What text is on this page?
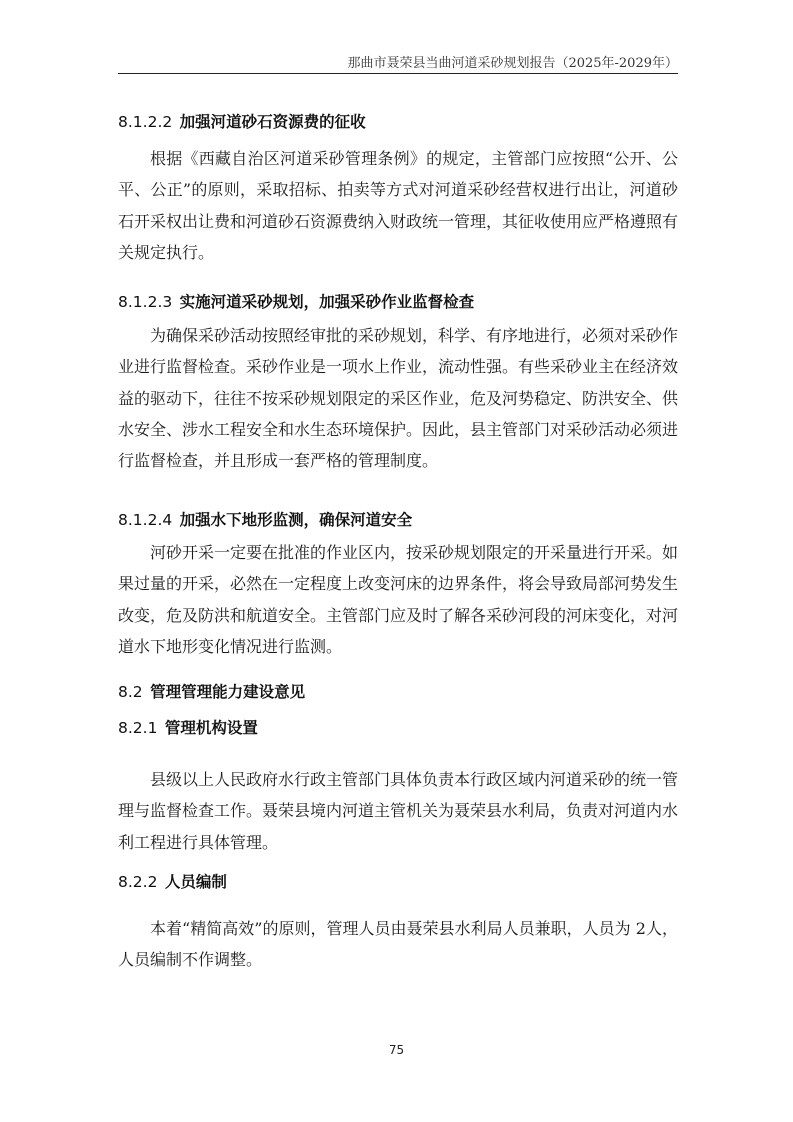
那曲市聂荣县当曲河道采砂规划报告（2025年-2029年）
8.1.2.2 加强河道砂石资源费的征收
根据《西藏自治区河道采砂管理条例》的规定，主管部门应按照“公开、公平、公正”的原则，采取招标、拍卖等方式对河道采砂经营权进行出让，河道砂石开采权出让费和河道砂石资源费纳入财政统一管理，其征收使用应严格遵照有关规定执行。
8.1.2.3 实施河道采砂规划，加强采砂作业监督检查
为确保采砂活动按照经审批的采砂规划，科学、有序地进行，必须对采砂作业进行监督检查。采砂作业是一项水上作业，流动性强。有些采砂业主在经济效益的驱动下，往往不按采砂规划限定的采区作业，危及河势稳定、防洪安全、供水安全、涉水工程安全和水生态环境保护。因此，县主管部门对采砂活动必须进行监督检查，并且形成一套严格的管理制度。
8.1.2.4 加强水下地形监测，确保河道安全
河砂开采一定要在批准的作业区内，按采砂规划限定的开采量进行开采。如果过量的开采，必然在一定程度上改变河床的边界条件，将会导致局部河势发生改变，危及防洪和航道安全。主管部门应及时了解各采砂河段的河床变化，对河道水下地形变化情况进行监测。
8.2 管理管理能力建设意见
8.2.1 管理机构设置
县级以上人民政府水行政主管部门具体负责本行政区域内河道采砂的统一管理与监督检查工作。聂荣县境内河道主管机关为聂荣县水利局，负责对河道内水利工程进行具体管理。
8.2.2 人员编制
本着“精简高效”的原则，管理人员由聂荣县水利局人员兼职，人员为 2人，人员编制不作调整。
75
